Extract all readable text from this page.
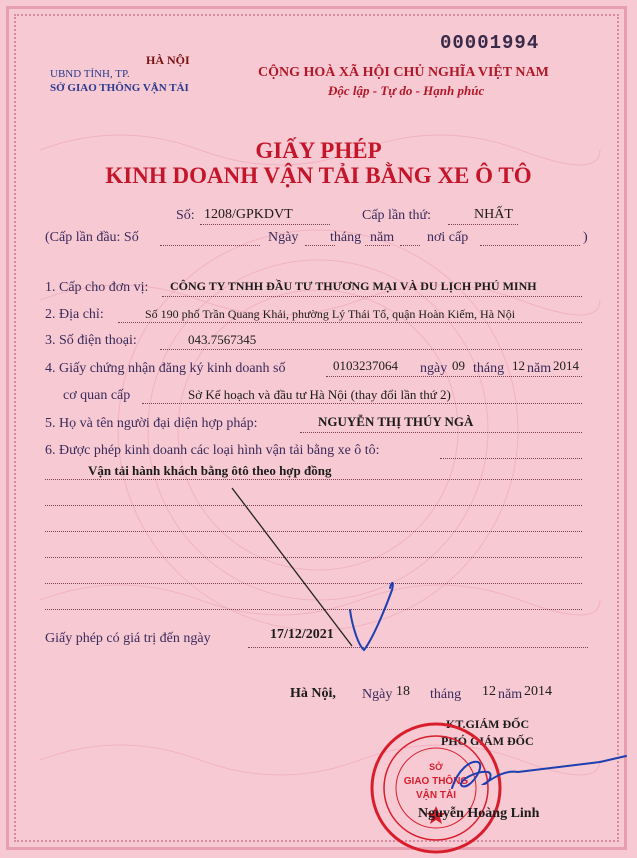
00001994
HÀ NỘI
UBND TỈNH, TP.
SỞ GIAO THÔNG VẬN TẢI
CỘNG HOÀ XÃ HỘI CHỦ NGHĨA VIỆT NAM
Độc lập - Tự do - Hạnh phúc
GIẤY PHÉP
KINH DOANH VẬN TẢI BẰNG XE Ô TÔ
Số: 1208/GPKDVT	Cấp lần thứ:	NHẤT
(Cấp lần đầu: Số	Ngày tháng năm nơi cấp	)
1. Cấp cho đơn vị: CÔNG TY TNHH ĐẦU TƯ THƯƠNG MẠI VÀ DU LỊCH PHÚ MINH
2. Địa chỉ:	Số 190 phố Trần Quang Khải, phường Lý Thái Tổ, quận Hoàn Kiếm, Hà Nội
3. Số điện thoại:	043.7567345
4. Giấy chứng nhận đăng ký kinh doanh số	0103237064 ngày 09 tháng 12 năm 2014
cơ quan cấp	Sở Kế hoạch và đầu tư Hà Nội (thay đổi lần thứ 2)
5. Họ và tên người đại diện hợp pháp:	NGUYỄN THỊ THÚY NGÀ
6. Được phép kinh doanh các loại hình vận tải bằng xe ô tô:
Vận tải hành khách bằng ôtô theo hợp đồng
Giấy phép có giá trị đến ngày	17/12/2021
Hà Nội, Ngày 18 tháng 12 năm 2014
KT.GIÁM ĐỐC
PHÓ GIÁM ĐỐC
SỞ
GIAO THÔNG
VẬN TẢI
Nguyễn Hoàng Linh
